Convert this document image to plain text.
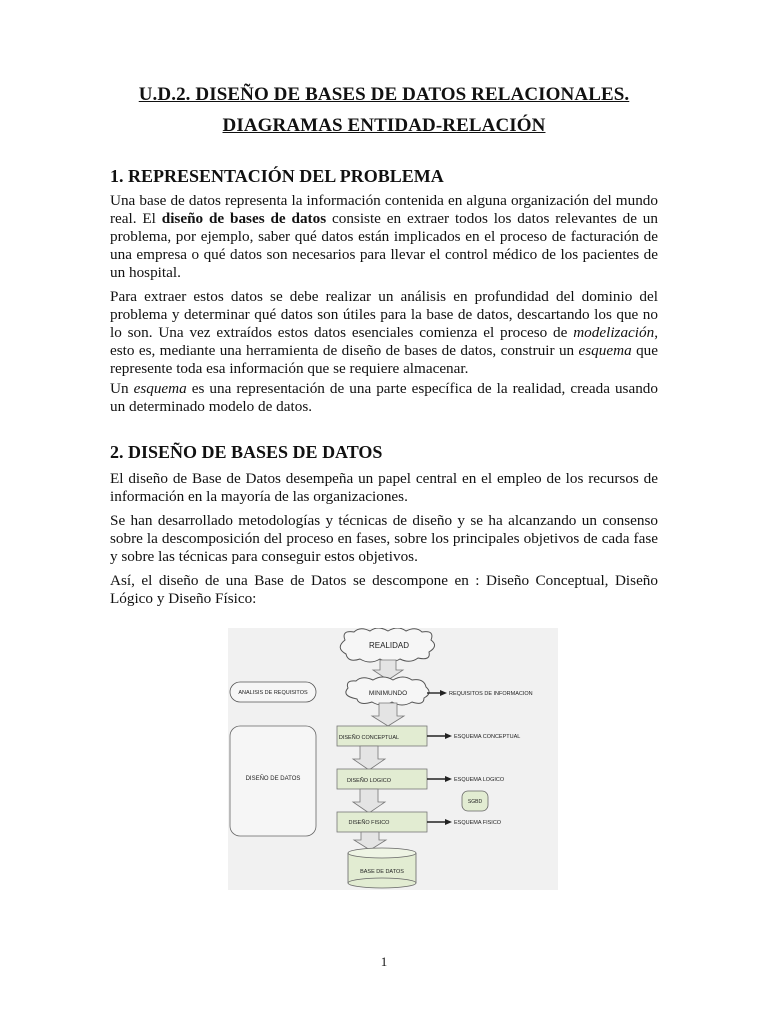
U.D.2. DISEÑO DE BASES DE DATOS RELACIONALES.
DIAGRAMAS ENTIDAD-RELACIÓN
1. REPRESENTACIÓN DEL PROBLEMA
Una base de datos representa la información contenida en alguna organización del mundo real. El diseño de bases de datos consiste en extraer todos los datos relevantes de un problema, por ejemplo, saber qué datos están implicados en el proceso de facturación de una empresa o qué datos son necesarios para llevar el control médico de los pacientes de un hospital.
Para extraer estos datos se debe realizar un análisis en profundidad del dominio del problema y determinar qué datos son útiles para la base de datos, descartando los que no lo son. Una vez extraídos estos datos esenciales comienza el proceso de modelización, esto es, mediante una herramienta de diseño de bases de datos, construir un esquema que represente toda esa información que se requiere almacenar.
Un esquema es una representación de una parte específica de la realidad, creada usando un determinado modelo de datos.
2. DISEÑO DE BASES DE DATOS
El diseño de Base de Datos desempeña un papel central en el empleo de los recursos de información en la mayoría de las organizaciones.
Se han desarrollado metodologías y técnicas de diseño y se ha alcanzando un consenso sobre la descomposición del proceso en fases, sobre los principales objetivos de cada fase y sobre las técnicas para conseguir estos objetivos.
Así, el diseño de una Base de Datos se descompone en : Diseño Conceptual, Diseño Lógico y Diseño Físico:
REALIDAD
MINIMUNDO
ANALISIS DE REQUISITOS	REQUISITOS DE INFORMACION
DISEÑO DE DATOS
DISEÑO CONCEPTUAL	ESQUEMA CONCEPTUAL
DISEÑO LOGICO	ESQUEMA LOGICO
SGBD
DISEÑO FISICO	ESQUEMA FISICO
BASE DE DATOS
1
